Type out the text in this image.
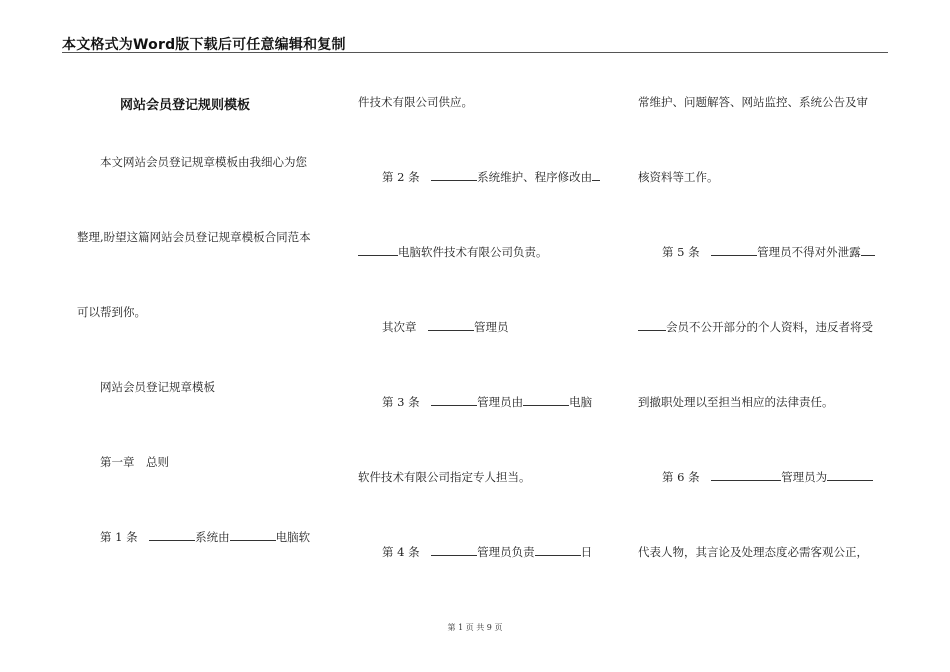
本文格式为Word版下载后可任意编辑和复制
网站会员登记规则模板
本文网站会员登记规章模板由我细心为您
整理,盼望这篇网站会员登记规章模板合同范本
可以帮到你。
网站会员登记规章模板
第一章　总则
第 1 条　	系统由	电脑软
件技术有限公司供应。
第 2 条　	系统维护、程序修改由
电脑软件技术有限公司负责。
其次章　	管理员
第 3 条　	管理员由	电脑
软件技术有限公司指定专人担当。
第 4 条　	管理员负责	日
常维护、问题解答、网站监控、系统公告及审
核资料等工作。
第 5 条　	管理员不得对外泄露
会员不公开部分的个人资料，违反者将受
到撤职处理以至担当相应的法律责任。
第 6 条　	管理员为
代表人物，其言论及处理态度必需客观公正，
第 1 页 共 9 页
